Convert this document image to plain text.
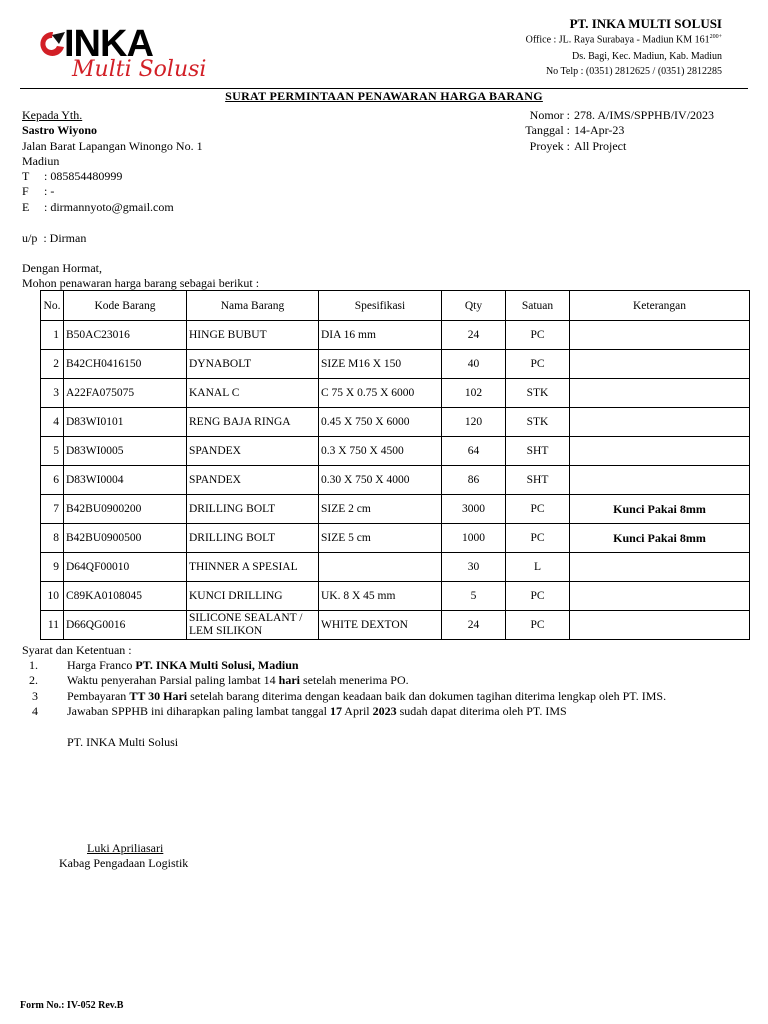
INKA
Multi Solusi
PT. INKA MULTI SOLUSI
Office : JL. Raya Surabaya - Madiun KM $161^{200+}$
Ds. Bagi, Kec. Madiun, Kab. Madiun
No Telp : (0351) 2812625 / (0351) 2812285
SURAT PERMINTAAN PENAWARAN HARGA BARANG
Kepada Yth.
Sastro Wiyono
Jalan Barat Lapangan Winongo No. 1
Madiun
T : 085854480999
F : -
E : dirmannyoto@gmail.com
u/p  : Dirman
Nomor : 278. A/IMS/SPPHB/IV/2023
Tanggal : 14-Apr-23
Proyek : All Project
Dengan Hormat,
Mohon penawaran harga barang sebagai berikut :
No.	Kode Barang	Nama Barang	Spesifikasi	Qty	Satuan	Keterangan
1	B50AC23016	HINGE BUBUT	DIA 16 mm	24	PC	
2	B42CH0416150	DYNABOLT	SIZE M16 X 150	40	PC	
3	A22FA075075	KANAL C	C 75 X 0.75 X 6000	102	STK	
4	D83WI0101	RENG BAJA RINGA	0.45 X 750 X 6000	120	STK	
5	D83WI0005	SPANDEX	0.3 X 750 X 4500	64	SHT	
6	D83WI0004	SPANDEX	0.30 X 750 X 4000	86	SHT	
7	B42BU0900200	DRILLING BOLT	SIZE 2 cm	3000	PC	Kunci Pakai 8mm
8	B42BU0900500	DRILLING BOLT	SIZE 5 cm	1000	PC	Kunci Pakai 8mm
9	D64QF00010	THINNER A SPESIAL		30	L	
10	C89KA0108045	KUNCI DRILLING	UK. 8 X 45 mm	5	PC	
11	D66QG0016	SILICONE SEALANT /
LEM SILIKON	WHITE DEXTON	24	PC	
Syarat dan Ketentuan :
1. Harga Franco PT. INKA Multi Solusi, Madiun
2. Waktu penyerahan Parsial paling lambat 14 hari setelah menerima PO.
3 Pembayaran TT 30 Hari setelah barang diterima dengan keadaan baik dan dokumen tagihan diterima lengkap oleh PT. IMS.
4 Jawaban SPPHB ini diharapkan paling lambat tanggal 17 April 2023 sudah dapat diterima oleh PT. IMS
PT. INKA Multi Solusi
Luki Apriliasari
Kabag Pengadaan Logistik
Form No.: IV-052 Rev.B
